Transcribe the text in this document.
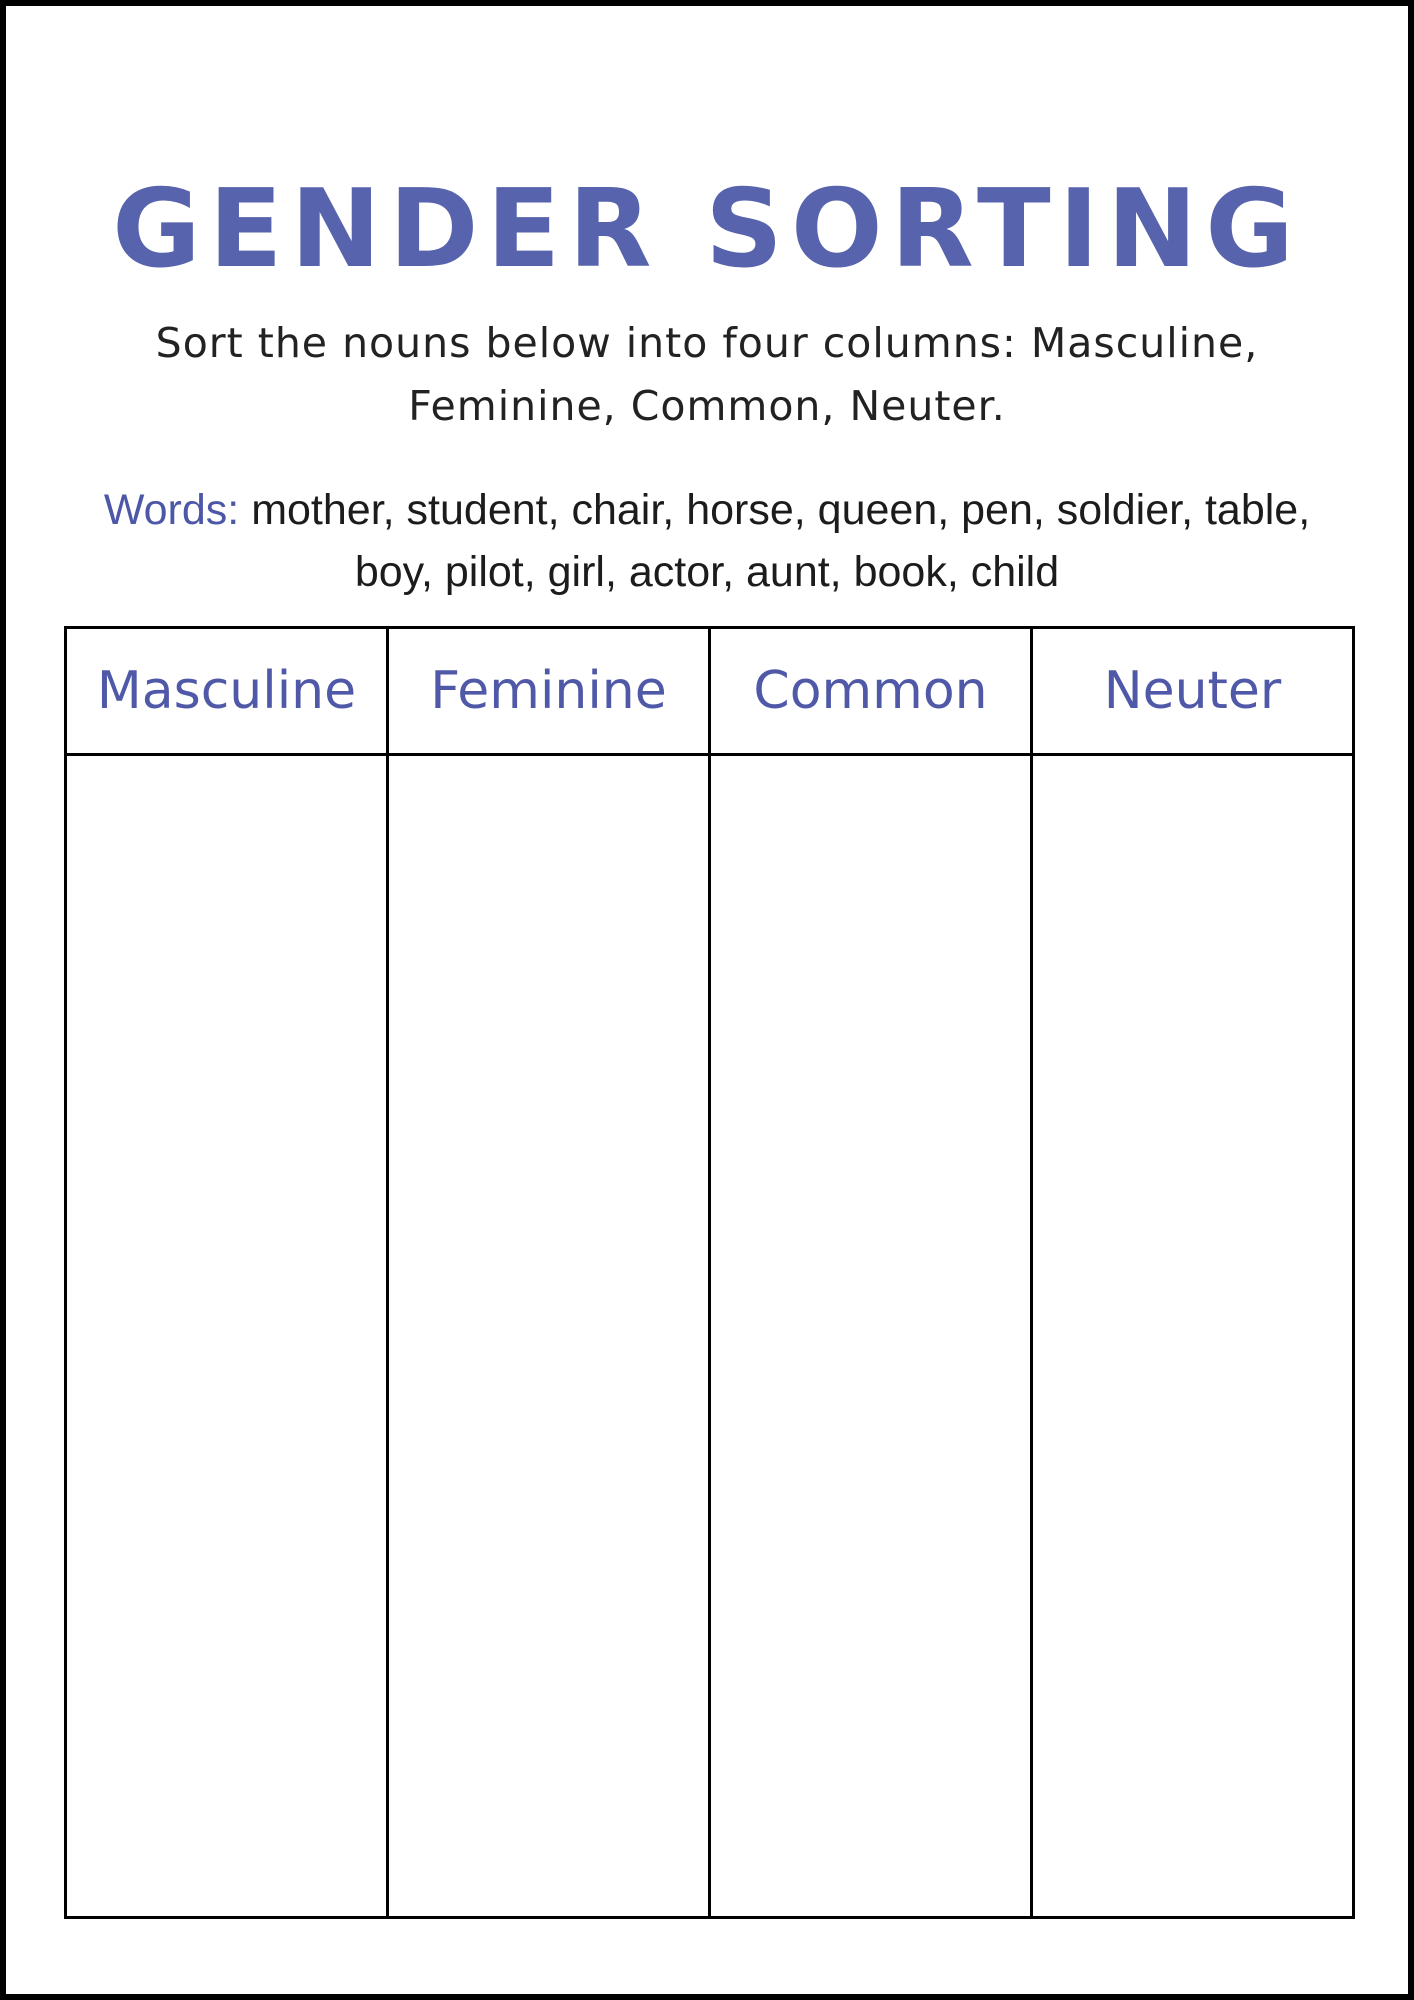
GENDER SORTING

Sort the nouns below into four columns: Masculine, Feminine, Common, Neuter.

Words: mother, student, chair, horse, queen, pen, soldier, table, boy, pilot, girl, actor, aunt, book, child

Masculine	Feminine	Common	Neuter
